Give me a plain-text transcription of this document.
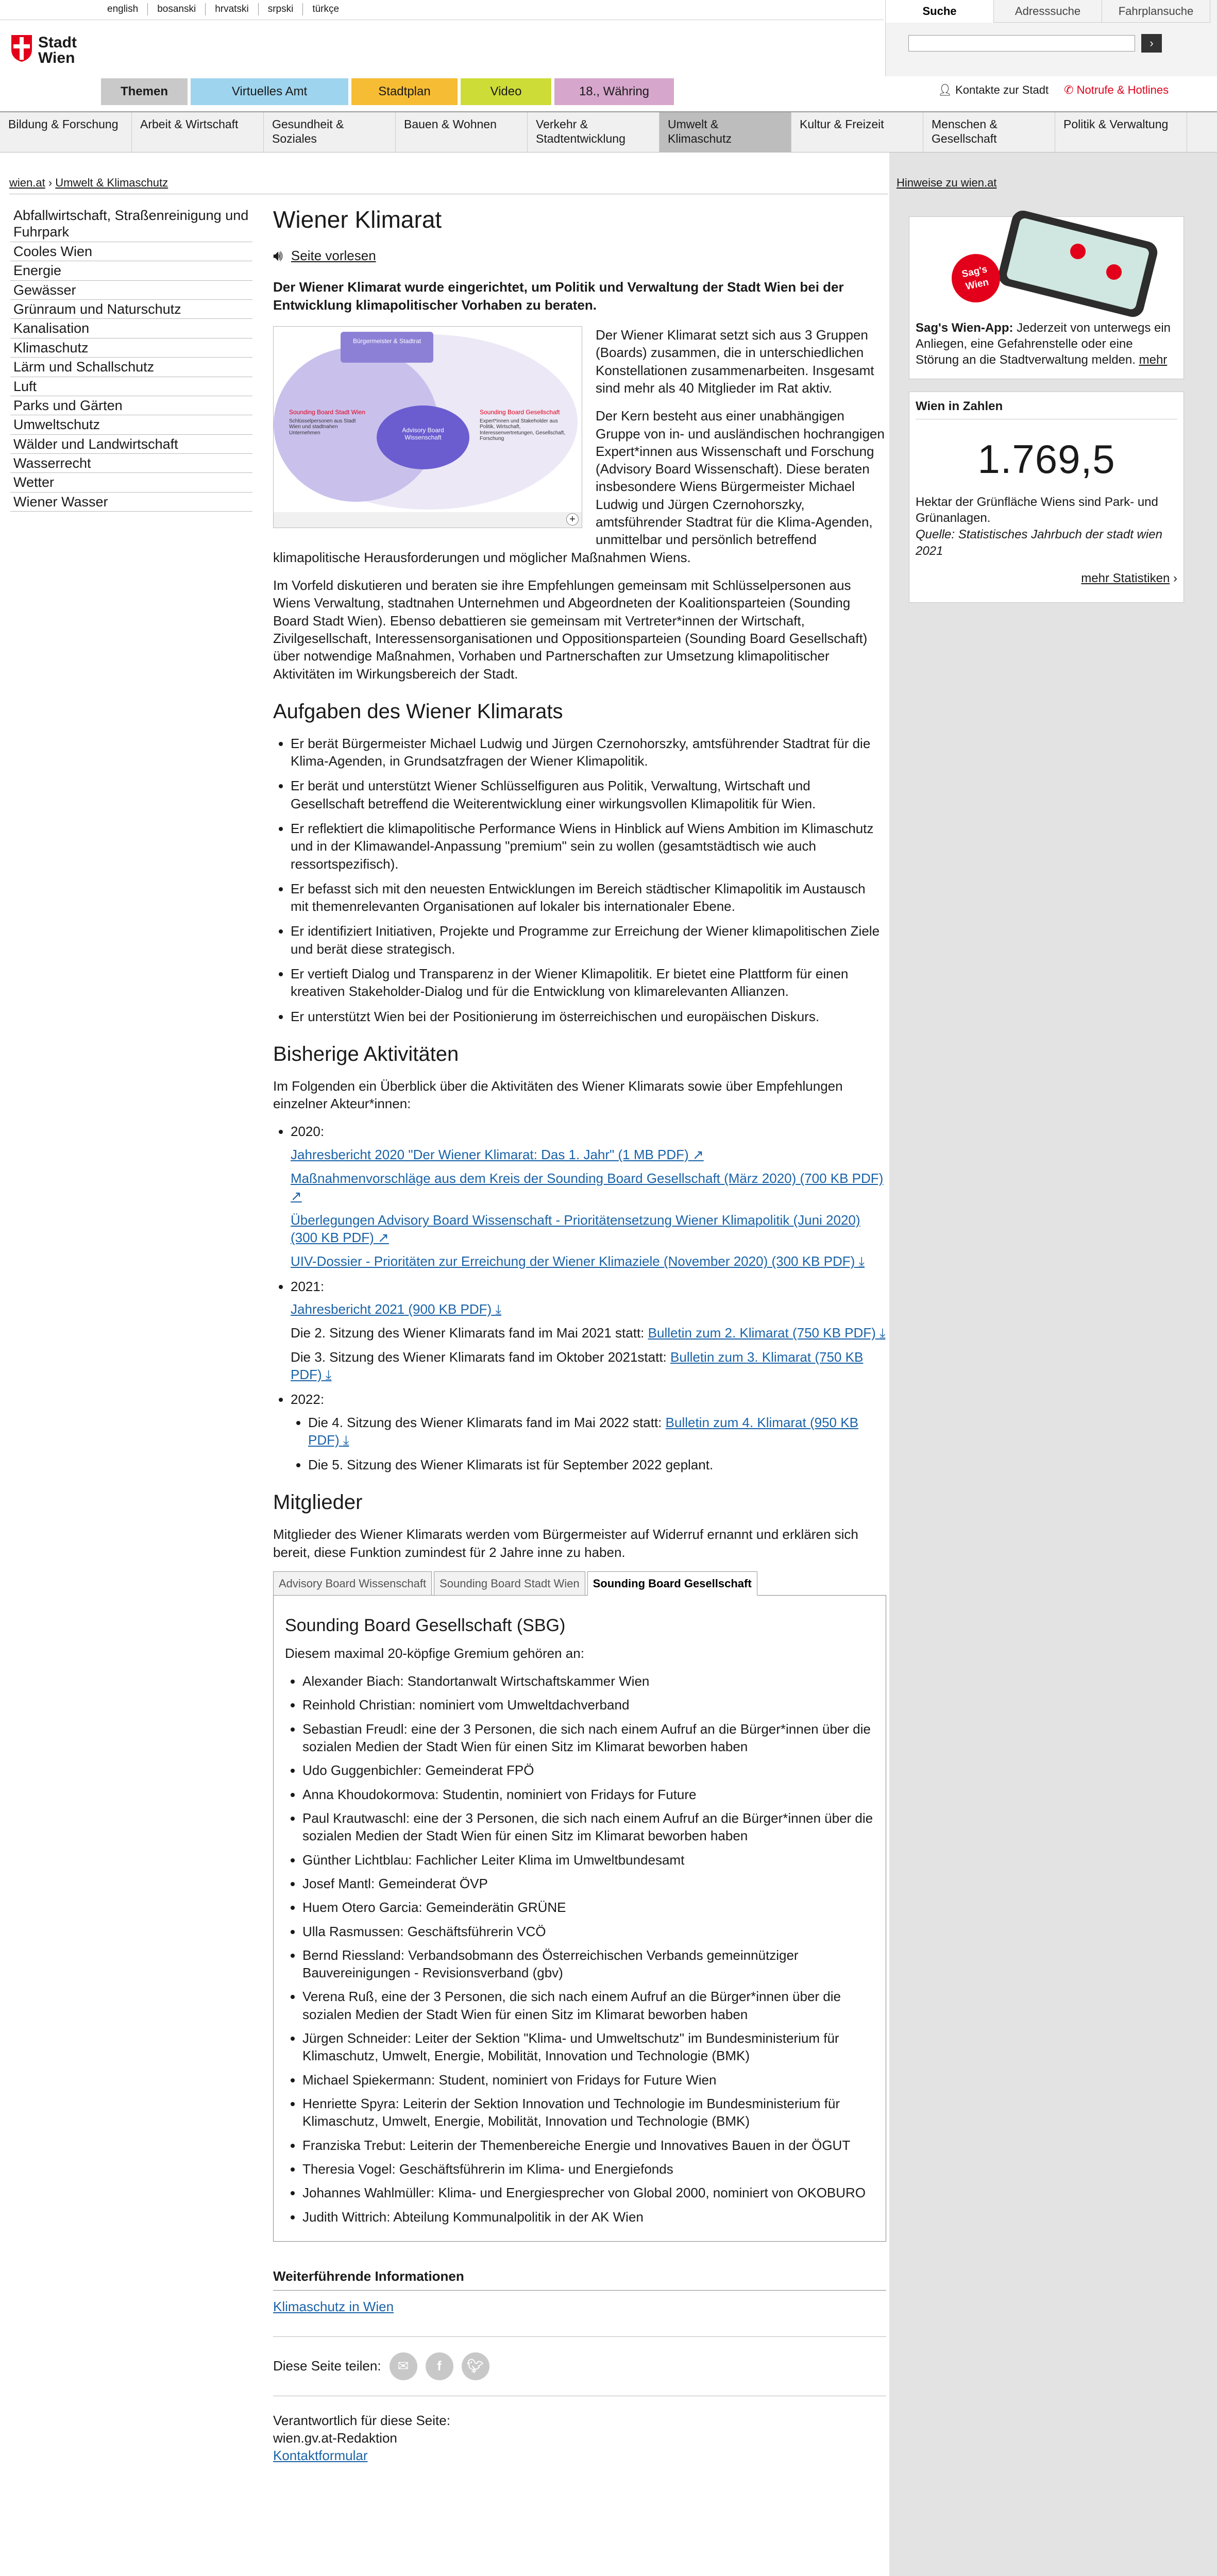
english	bosanski	hrvatski	srpski	türkçe
Stadt
Wien
Themen	Virtuelles Amt	Stadtplan	Video	18., Währing	👤︎ Kontakte zur Stadt ✆ Notrufe & Hotlines
Suche	Adresssuche	Fahrplansuche
›
Bildung & Forschung	Arbeit & Wirtschaft	Gesundheit & Soziales
Bauen & Wohnen	Verkehr & Stadtentwicklung
Umwelt & Klimaschutz
Kultur & Freizeit	Menschen & Gesellschaft
Politik & Verwaltung
wien.at › Umwelt & Klimaschutz	Hinweise zu wien.at
Abfallwirtschaft, Straßenreinigung und Fuhrpark
Cooles Wien
Energie
Gewässer
Grünraum und Naturschutz
Kanalisation
Klimaschutz
Lärm und Schallschutz
Luft
Parks und Gärten
Umweltschutz
Wälder und Landwirtschaft
Wasserrecht
Wetter
Wiener Wasser
Wiener Klimarat
🔊︎ Seite vorlesen

Der Wiener Klimarat wurde eingerichtet, um Politik und Verwaltung der Stadt Wien bei der Entwicklung klimapolitischer Vorhaben zu beraten.

Bürgermeister & Stadtrat
Sounding Board Stadt Wien
Schlüsselpersonen aus Stadt Wien und stadtnahen Unternehmen	Advisory Board Wissenschaft
Sounding Board Gesellschaft
Expert*innen und Stakeholder aus Politik, Wirtschaft, Interessenvertretungen, Gesellschaft, Forschung
+

Der Wiener Klimarat setzt sich aus 3 Gruppen (Boards) zusammen, die in unterschiedlichen Konstellationen zusammenarbeiten. Insgesamt sind mehr als 40 Mitglieder im Rat aktiv.

Der Kern besteht aus einer unabhängigen Gruppe von in- und ausländischen hochrangigen Expert*innen aus Wissenschaft und Forschung (Advisory Board Wissenschaft). Diese beraten insbesondere Wiens Bürgermeister Michael Ludwig und Jürgen Czernohorszky, amtsführender Stadtrat für die Klima-Agenden, unmittelbar und persönlich betreffend klimapolitische Herausforderungen und möglicher Maßnahmen Wiens.

Im Vorfeld diskutieren und beraten sie ihre Empfehlungen gemeinsam mit Schlüsselpersonen aus Wiens Verwaltung, stadtnahen Unternehmen und Abgeordneten der Koalitionsparteien (Sounding Board Stadt Wien). Ebenso debattieren sie gemeinsam mit Vertreter*innen der Wirtschaft, Zivilgesellschaft, Interessensorganisationen und Oppositionsparteien (Sounding Board Gesellschaft) über notwendige Maßnahmen, Vorhaben und Partnerschaften zur Umsetzung klimapolitischer Aktivitäten im Wirkungsbereich der Stadt.

Aufgaben des Wiener Klimarats
• Er berät Bürgermeister Michael Ludwig und Jürgen Czernohorszky, amtsführender Stadtrat für die Klima-Agenden, in Grundsatzfragen der Wiener Klimapolitik.
• Er berät und unterstützt Wiener Schlüsselfiguren aus Politik, Verwaltung, Wirtschaft und Gesellschaft betreffend die Weiterentwicklung einer wirkungsvollen Klimapolitik für Wien.
• Er reflektiert die klimapolitische Performance Wiens in Hinblick auf Wiens Ambition im Klimaschutz und in der Klimawandel-Anpassung "premium" sein zu wollen (gesamtstädtisch wie auch ressortspezifisch).
• Er befasst sich mit den neuesten Entwicklungen im Bereich städtischer Klimapolitik im Austausch mit themenrelevanten Organisationen auf lokaler bis internationaler Ebene.
• Er identifiziert Initiativen, Projekte und Programme zur Erreichung der Wiener klimapolitischen Ziele und berät diese strategisch.
• Er vertieft Dialog und Transparenz in der Wiener Klimapolitik. Er bietet eine Plattform für einen kreativen Stakeholder-Dialog und für die Entwicklung von klimarelevanten Allianzen.
• Er unterstützt Wien bei der Positionierung im österreichischen und europäischen Diskurs.
Bisherige Aktivitäten

Im Folgenden ein Überblick über die Aktivitäten des Wiener Klimarats sowie über Empfehlungen einzelner Akteur*innen:

• 2020:
Jahresbericht 2020 "Der Wiener Klimarat: Das 1. Jahr" (1 MB PDF) ↗
Maßnahmenvorschläge aus dem Kreis der Sounding Board Gesellschaft (März 2020) (700 KB PDF) ↗
Überlegungen Advisory Board Wissenschaft - Prioritätensetzung Wiener Klimapolitik (Juni 2020) (300 KB PDF) ↗
UIV-Dossier - Prioritäten zur Erreichung der Wiener Klimaziele (November 2020) (300 KB PDF) ⤓
• 2021:
Jahresbericht 2021 (900 KB PDF) ⤓
Die 2. Sitzung des Wiener Klimarats fand im Mai 2021 statt: Bulletin zum 2. Klimarat (750 KB PDF) ⤓
Die 3. Sitzung des Wiener Klimarats fand im Oktober 2021statt: Bulletin zum 3. Klimarat (750 KB PDF) ⤓
• 2022:
• Die 4. Sitzung des Wiener Klimarats fand im Mai 2022 statt: Bulletin zum 4. Klimarat (950 KB PDF) ⤓
• Die 5. Sitzung des Wiener Klimarats ist für September 2022 geplant.
Mitglieder

Mitglieder des Wiener Klimarats werden vom Bürgermeister auf Widerruf ernannt und erklären sich bereit, diese Funktion zumindest für 2 Jahre inne zu haben.

Advisory Board Wissenschaft	Sounding Board Stadt Wien	Sounding Board Gesellschaft
Sounding Board Gesellschaft (SBG)

Diesem maximal 20-köpfige Gremium gehören an:

• Alexander Biach: Standortanwalt Wirtschaftskammer Wien
• Reinhold Christian: nominiert vom Umweltdachverband
• Sebastian Freudl: eine der 3 Personen, die sich nach einem Aufruf an die Bürger*innen über die sozialen Medien der Stadt Wien für einen Sitz im Klimarat beworben haben
• Udo Guggenbichler: Gemeinderat FPÖ
• Anna Khoudokormova: Studentin, nominiert von Fridays for Future
• Paul Krautwaschl: eine der 3 Personen, die sich nach einem Aufruf an die Bürger*innen über die sozialen Medien der Stadt Wien für einen Sitz im Klimarat beworben haben
• Günther Lichtblau: Fachlicher Leiter Klima im Umweltbundesamt
• Josef Mantl: Gemeinderat ÖVP
• Huem Otero Garcia: Gemeinderätin GRÜNE
• Ulla Rasmussen: Geschäftsführerin VCÖ
• Bernd Riessland: Verbandsobmann des Österreichischen Verbands gemeinnütziger Bauvereinigungen - Revisionsverband (gbv)
• Verena Ruß, eine der 3 Personen, die sich nach einem Aufruf an die Bürger*innen über die sozialen Medien der Stadt Wien für einen Sitz im Klimarat beworben haben
• Jürgen Schneider: Leiter der Sektion "Klima- und Umweltschutz" im Bundesministerium für Klimaschutz, Umwelt, Energie, Mobilität, Innovation und Technologie (BMK)
• Michael Spiekermann: Student, nominiert von Fridays for Future Wien
• Henriette Spyra: Leiterin der Sektion Innovation und Technologie im Bundesministerium für Klimaschutz, Umwelt, Energie, Mobilität, Innovation und Technologie (BMK)
• Franziska Trebut: Leiterin der Themenbereiche Energie und Innovatives Bauen in der ÖGUT
• Theresia Vogel: Geschäftsführerin im Klima- und Energiefonds
• Johannes Wahlmüller: Klima- und Energiesprecher von Global 2000, nominiert von OKOBURO
• Judith Wittrich: Abteilung Kommunalpolitik in der AK Wien
Weiterführende Informationen
Klimaschutz in Wien
Diese Seite teilen:	✉	f	🐦︎
Verantwortlich für diese Seite:
wien.gv.at-Redaktion
Kontaktformular
Sag's Wien
Sag's Wien-App: Jederzeit von unterwegs ein Anliegen, eine Gefahrenstelle oder eine Störung an die Stadtverwaltung melden. mehr
Wien in Zahlen
1.769,5
Hektar der Grünfläche Wiens sind Park- und Grünanlagen.
Quelle: Statistisches Jahrbuch der stadt wien 2021
mehr Statistiken ›
